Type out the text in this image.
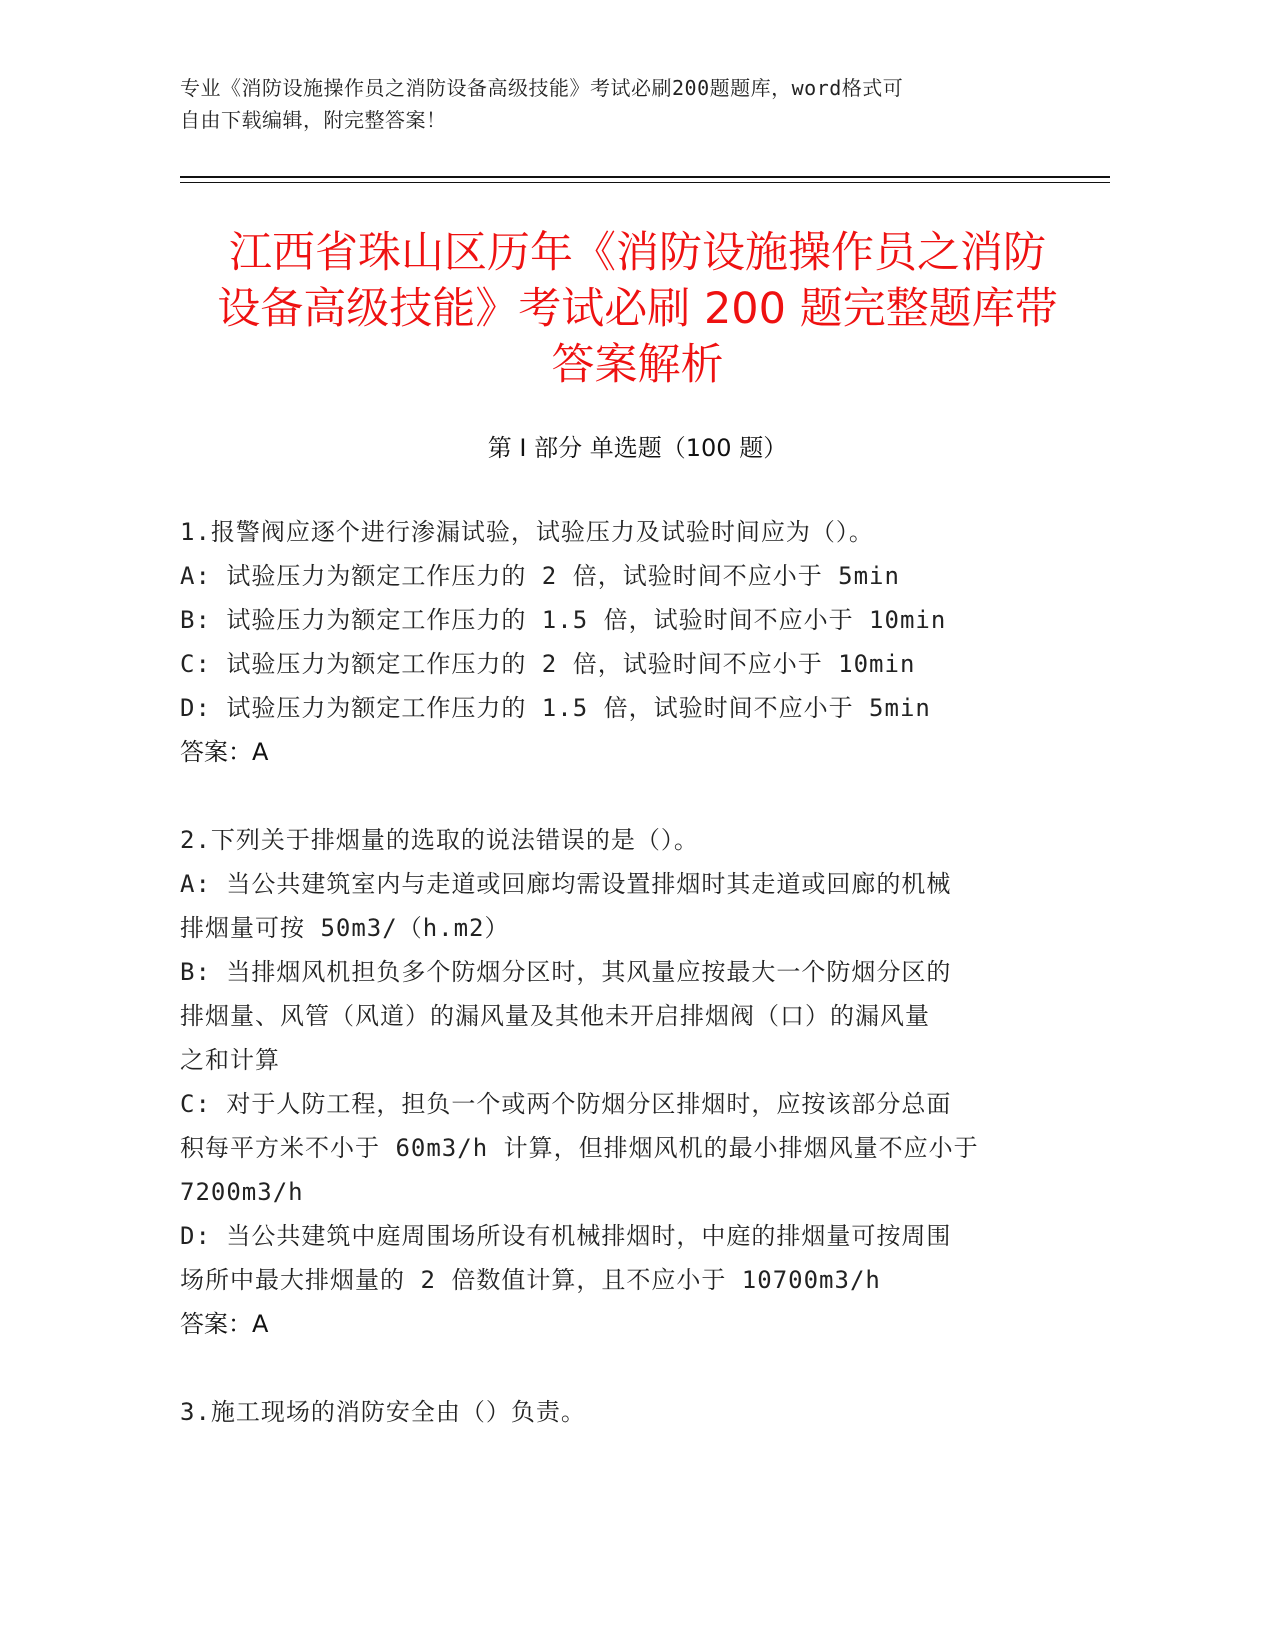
专业《消防设施操作员之消防设备高级技能》考试必刷200题题库，word格式可
自由下载编辑，附完整答案！
江西省珠山区历年《消防设施操作员之消防
设备高级技能》考试必刷 200 题完整题库带
答案解析
第 I 部分 单选题（100 题）
1.报警阀应逐个进行渗漏试验，试验压力及试验时间应为（）。
A: 试验压力为额定工作压力的 2 倍，试验时间不应小于 5min
B: 试验压力为额定工作压力的 1.5 倍，试验时间不应小于 10min
C: 试验压力为额定工作压力的 2 倍，试验时间不应小于 10min
D: 试验压力为额定工作压力的 1.5 倍，试验时间不应小于 5min
答案：A
2.下列关于排烟量的选取的说法错误的是（）。
A: 当公共建筑室内与走道或回廊均需设置排烟时其走道或回廊的机械
排烟量可按 50m3/（h.m2）
B: 当排烟风机担负多个防烟分区时，其风量应按最大一个防烟分区的
排烟量、风管（风道）的漏风量及其他未开启排烟阀（口）的漏风量
之和计算
C: 对于人防工程，担负一个或两个防烟分区排烟时，应按该部分总面
积每平方米不小于 60m3/h 计算，但排烟风机的最小排烟风量不应小于
7200m3/h
D: 当公共建筑中庭周围场所设有机械排烟时，中庭的排烟量可按周围
场所中最大排烟量的 2 倍数值计算，且不应小于 10700m3/h
答案：A
3.施工现场的消防安全由（）负责。
